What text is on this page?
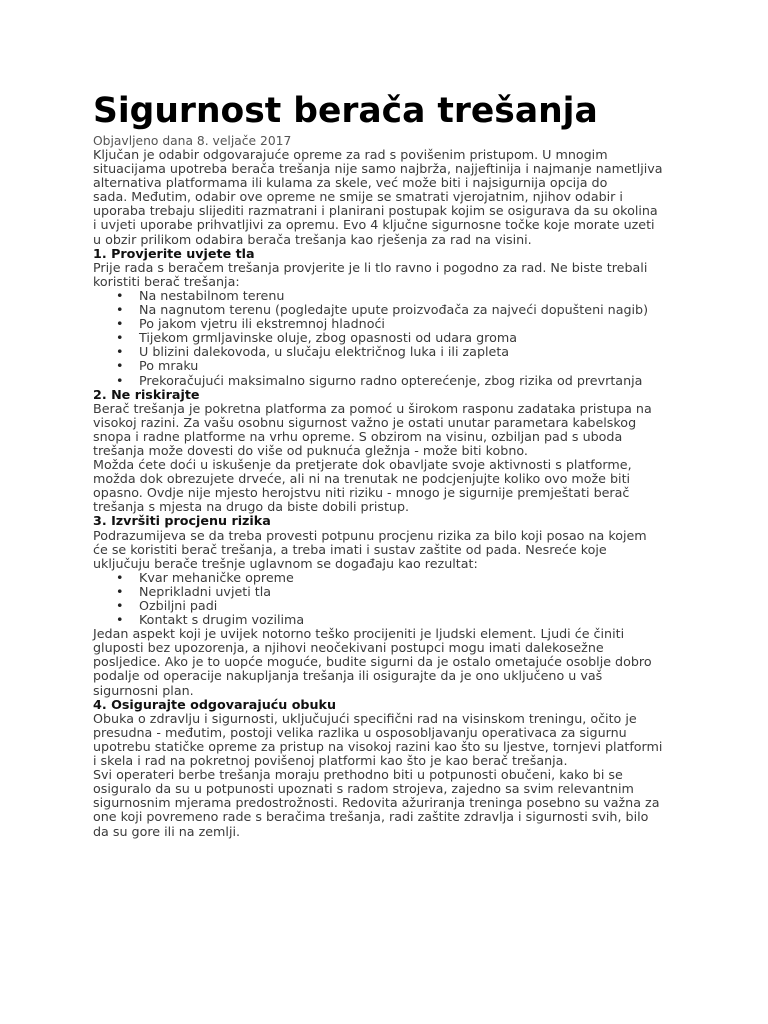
Sigurnost berača trešanja
Objavljeno dana 8. veljače 2017

Ključan je odabir odgovarajuće opreme za rad s povišenim pristupom. U mnogim

situacijama upotreba berača trešanja nije samo najbrža, najjeftinija i najmanje nametljiva

alternativa platformama ili kulama za skele, već može biti i najsigurnija opcija do

sada. Međutim, odabir ove opreme ne smije se smatrati vjerojatnim, njihov odabir i

uporaba trebaju slijediti razmatrani i planirani postupak kojim se osigurava da su okolina

i uvjeti uporabe prihvatljivi za opremu. Evo 4 ključne sigurnosne točke koje morate uzeti

u obzir prilikom odabira berača trešanja kao rješenja za rad na visini.

1. Provjerite uvjete tla

Prije rada s beračem trešanja provjerite je li tlo ravno i pogodno za rad. Ne biste trebali

koristiti berač trešanja:

• Na nestabilnom terenu
• Na nagnutom terenu (pogledajte upute proizvođača za najveći dopušteni nagib)
• Po jakom vjetru ili ekstremnoj hladnoći
• Tijekom grmljavinske oluje, zbog opasnosti od udara groma
• U blizini dalekovoda, u slučaju električnog luka i ili zapleta
• Po mraku
• Prekoračujući maksimalno sigurno radno opterećenje, zbog rizika od prevrtanja

2. Ne riskirajte

Berač trešanja je pokretna platforma za pomoć u širokom rasponu zadataka pristupa na

visokoj razini. Za vašu osobnu sigurnost važno je ostati unutar parametara kabelskog

snopa i radne platforme na vrhu opreme. S obzirom na visinu, ozbiljan pad s uboda

trešanja može dovesti do više od puknuća gležnja - može biti kobno.

Možda ćete doći u iskušenje da pretjerate dok obavljate svoje aktivnosti s platforme,

možda dok obrezujete drveće, ali ni na trenutak ne podcjenjujte koliko ovo može biti

opasno. Ovdje nije mjesto herojstvu niti riziku - mnogo je sigurnije premještati berač

trešanja s mjesta na drugo da biste dobili pristup.

3. Izvršiti procjenu rizika

Podrazumijeva se da treba provesti potpunu procjenu rizika za bilo koji posao na kojem

će se koristiti berač trešanja, a treba imati i sustav zaštite od pada. Nesreće koje

uključuju berače trešnje uglavnom se događaju kao rezultat:

• Kvar mehaničke opreme
• Neprikladni uvjeti tla
• Ozbiljni padi
• Kontakt s drugim vozilima

Jedan aspekt koji je uvijek notorno teško procijeniti je ljudski element. Ljudi će činiti

gluposti bez upozorenja, a njihovi neočekivani postupci mogu imati dalekosežne

posljedice. Ako je to uopće moguće, budite sigurni da je ostalo ometajuće osoblje dobro

podalje od operacije nakupljanja trešanja ili osigurajte da je ono uključeno u vaš

sigurnosni plan.

4. Osigurajte odgovarajuću obuku

Obuka o zdravlju i sigurnosti, uključujući specifični rad na visinskom treningu, očito je

presudna - međutim, postoji velika razlika u osposobljavanju operativaca za sigurnu

upotrebu statičke opreme za pristup na visokoj razini kao što su ljestve, tornjevi platformi

i skela i rad na pokretnoj povišenoj platformi kao što je kao berač trešanja.

Svi operateri berbe trešanja moraju prethodno biti u potpunosti obučeni, kako bi se

osiguralo da su u potpunosti upoznati s radom strojeva, zajedno sa svim relevantnim

sigurnosnim mjerama predostrožnosti. Redovita ažuriranja treninga posebno su važna za

one koji povremeno rade s beračima trešanja, radi zaštite zdravlja i sigurnosti svih, bilo

da su gore ili na zemlji.
